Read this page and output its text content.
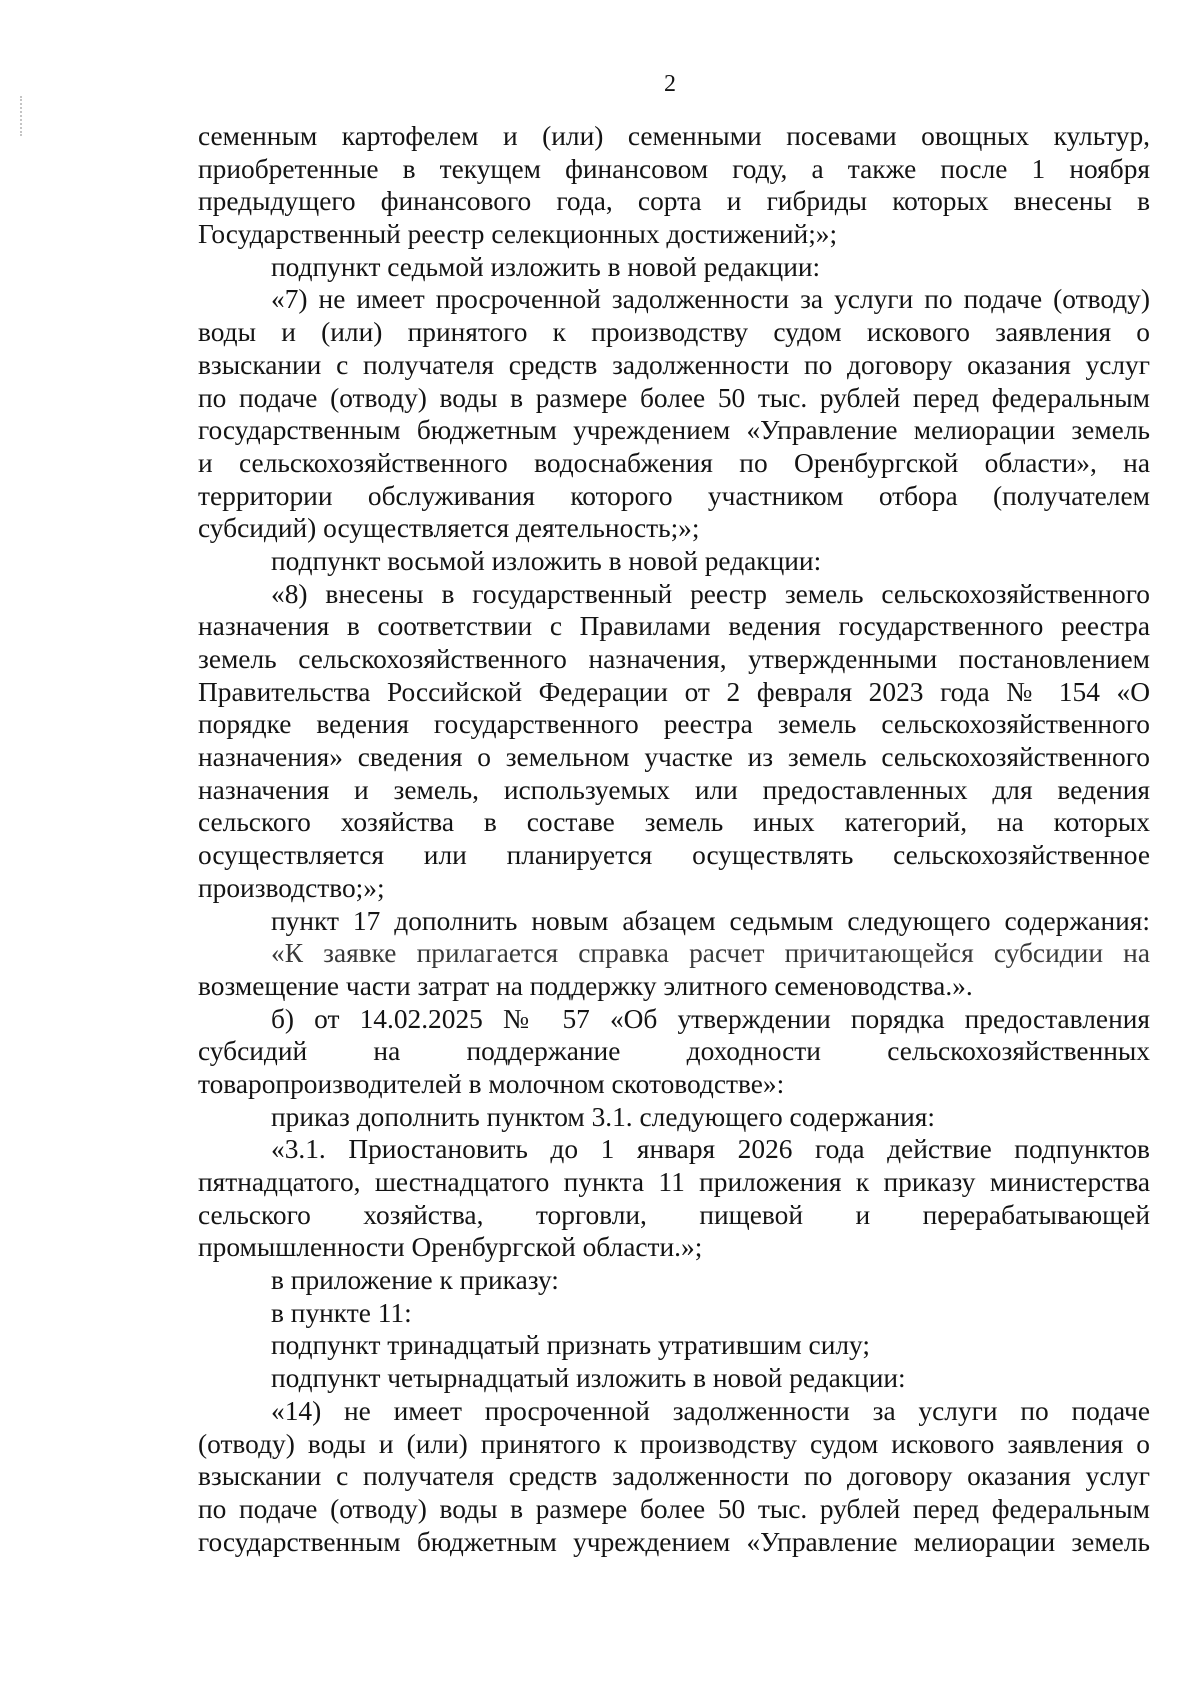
2
семенным картофелем и (или) семенными посевами овощных культур,
приобретенные в текущем финансовом году, а также после 1 ноября
предыдущего финансового года, сорта и гибриды которых внесены в
Государственный реестр селекционных достижений;»;
подпункт седьмой изложить в новой редакции:
«7) не имеет просроченной задолженности за услуги по подаче (отводу)
воды и (или) принятого к производству судом искового заявления о
взыскании с получателя средств задолженности по договору оказания услуг
по подаче (отводу) воды в размере более 50 тыс. рублей перед федеральным
государственным бюджетным учреждением «Управление мелиорации земель
и сельскохозяйственного водоснабжения по Оренбургской области», на
территории обслуживания которого участником отбора (получателем
субсидий) осуществляется деятельность;»;
подпункт восьмой изложить в новой редакции:
«8) внесены в государственный реестр земель сельскохозяйственного
назначения в соответствии с Правилами ведения государственного реестра
земель сельскохозяйственного назначения, утвержденными постановлением
Правительства Российской Федерации от 2 февраля 2023 года № 154 «О
порядке ведения государственного реестра земель сельскохозяйственного
назначения» сведения о земельном участке из земель сельскохозяйственного
назначения и земель, используемых или предоставленных для ведения
сельского хозяйства в составе земель иных категорий, на которых
осуществляется или планируется осуществлять сельскохозяйственное
производство;»;
пункт 17 дополнить новым абзацем седьмым следующего содержания:
«К заявке прилагается справка расчет причитающейся субсидии на
возмещение части затрат на поддержку элитного семеноводства.».
б) от 14.02.2025 № 57 «Об утверждении порядка предоставления
субсидий на поддержание доходности сельскохозяйственных
товаропроизводителей в молочном скотоводстве»:
приказ дополнить пунктом 3.1. следующего содержания:
«3.1. Приостановить до 1 января 2026 года действие подпунктов
пятнадцатого, шестнадцатого пункта 11 приложения к приказу министерства
сельского хозяйства, торговли, пищевой и перерабатывающей
промышленности Оренбургской области.»;
в приложение к приказу:
в пункте 11:
подпункт тринадцатый признать утратившим силу;
подпункт четырнадцатый изложить в новой редакции:
«14) не имеет просроченной задолженности за услуги по подаче
(отводу) воды и (или) принятого к производству судом искового заявления о
взыскании с получателя средств задолженности по договору оказания услуг
по подаче (отводу) воды в размере более 50 тыс. рублей перед федеральным
государственным бюджетным учреждением «Управление мелиорации земель
